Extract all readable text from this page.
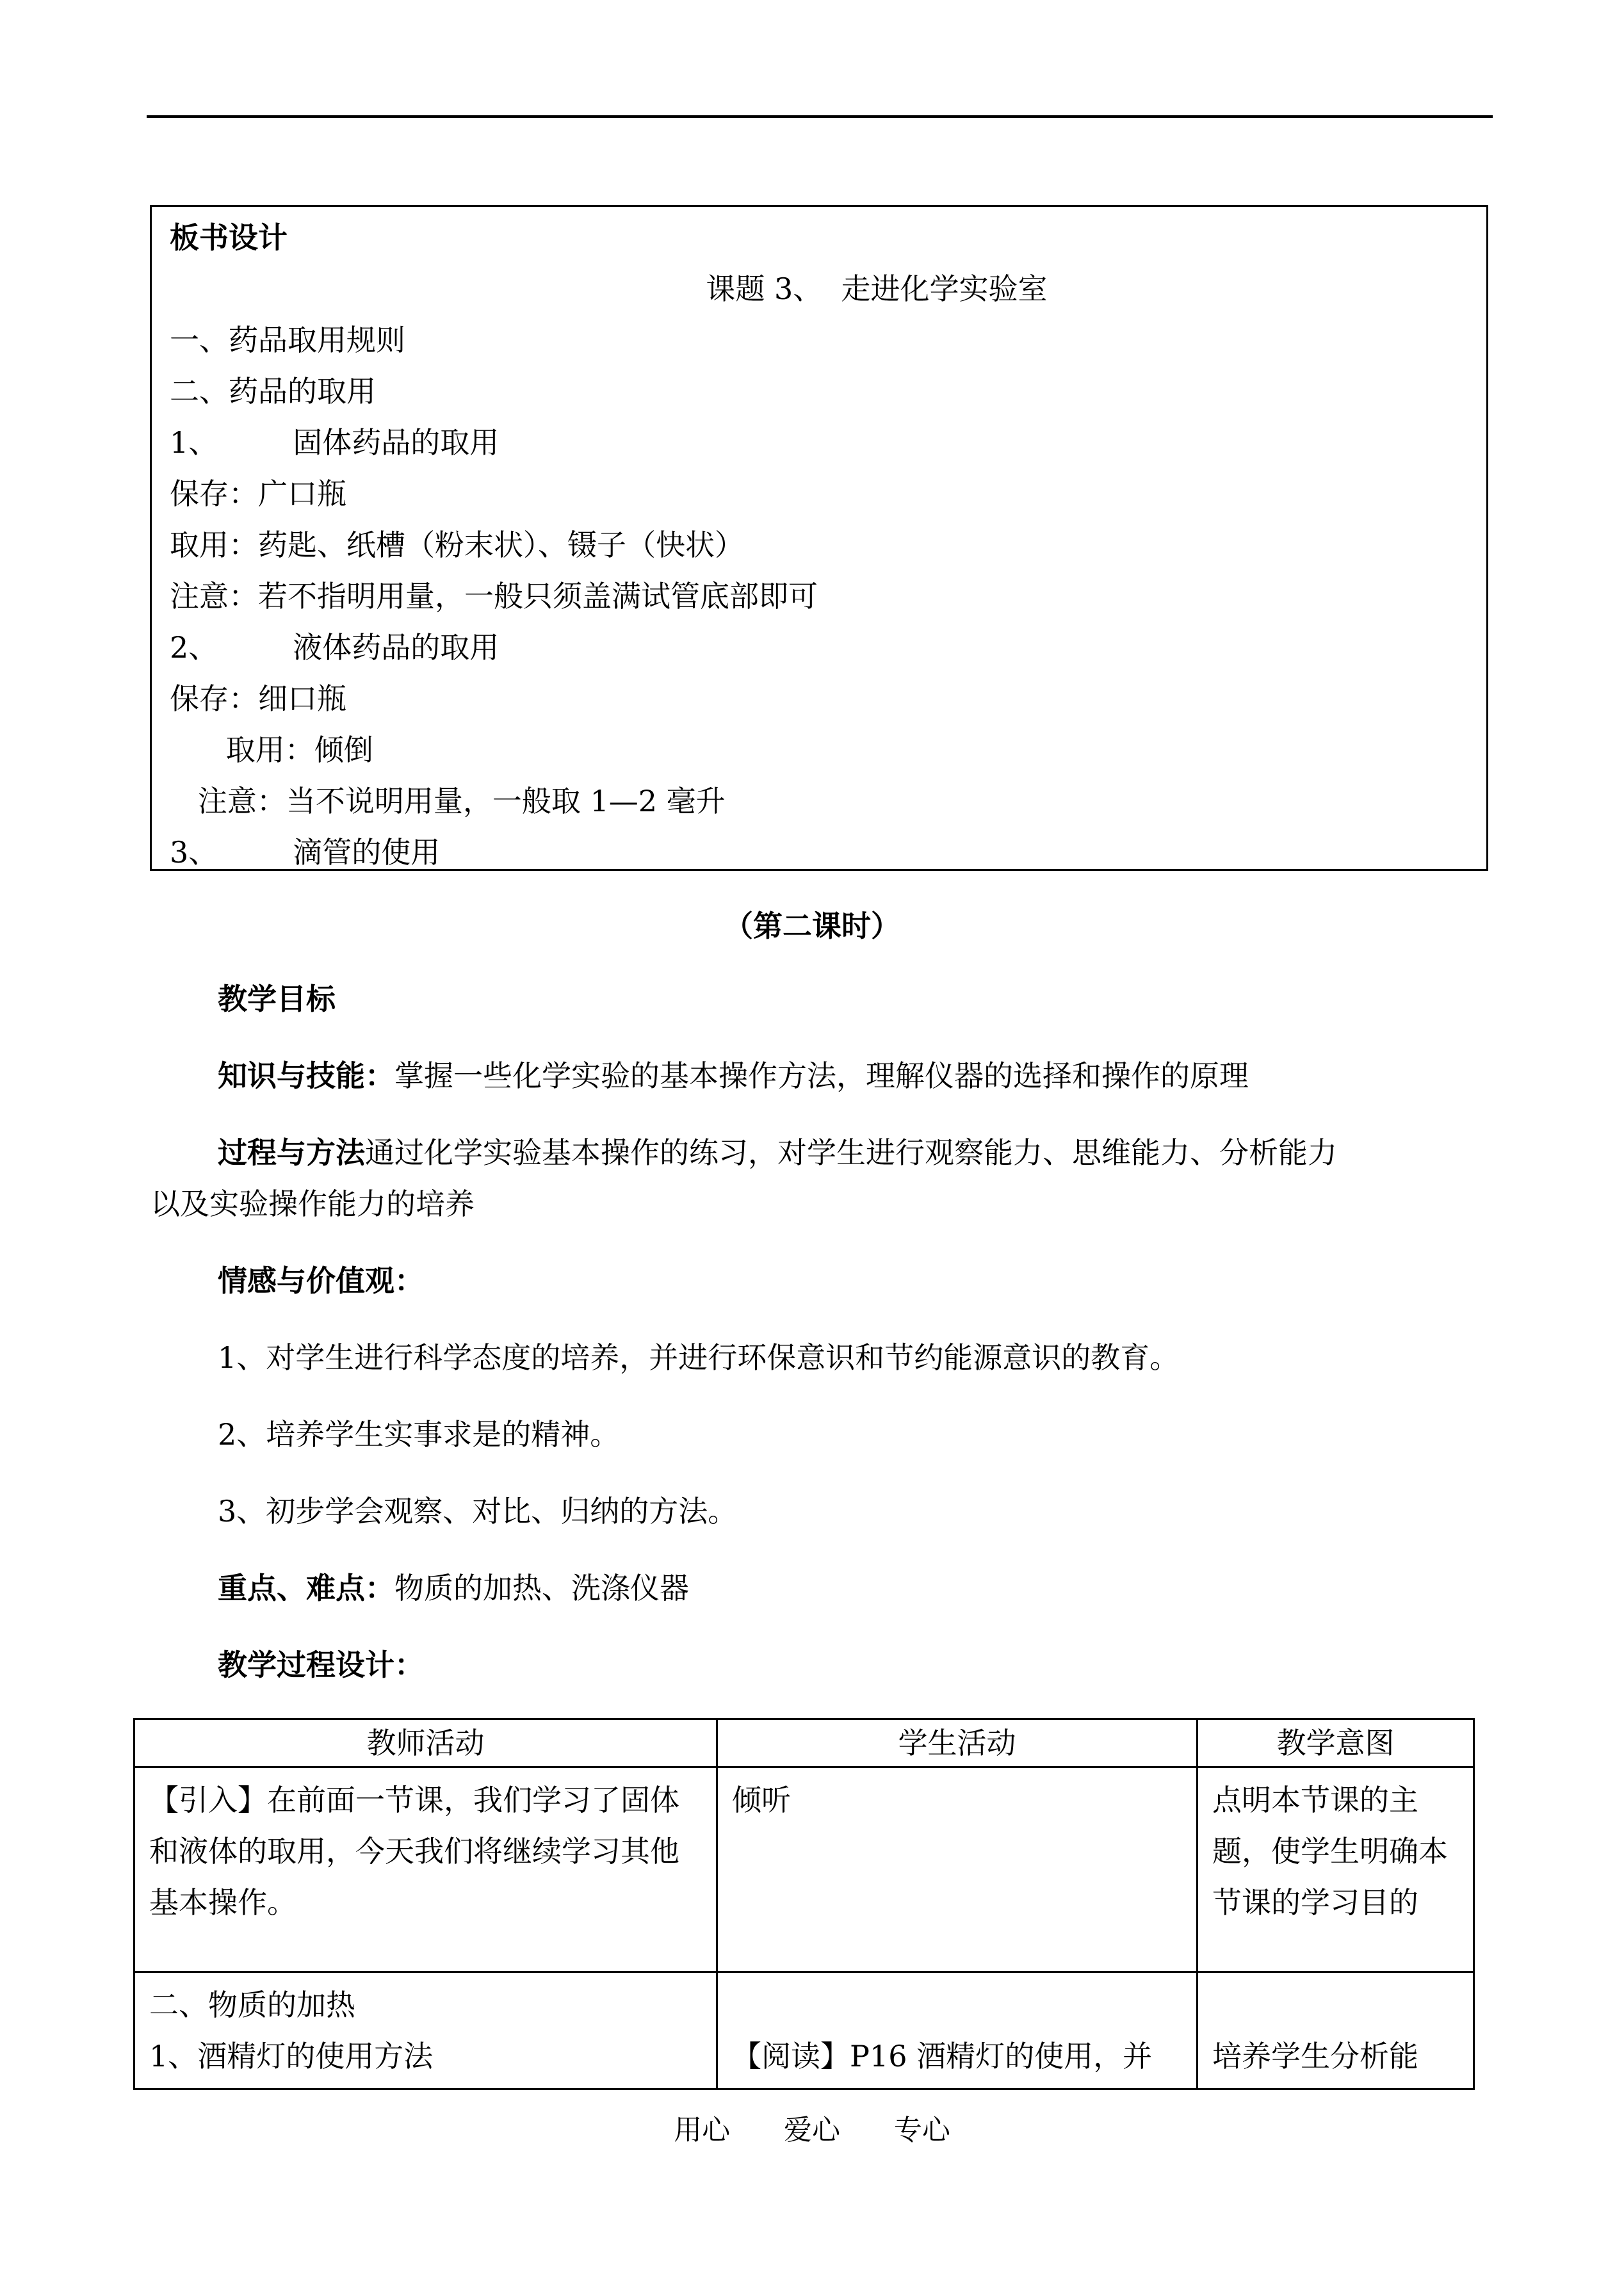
板书设计
课题 3、  走进化学实验室
一、药品取用规则
二、药品的取用
1、        固体药品的取用
保存：广口瓶
取用：药匙、纸槽（粉末状）、镊子（快状）
注意：若不指明用量，一般只须盖满试管底部即可
2、        液体药品的取用
保存：细口瓶
取用：倾倒
注意：当不说明用量，一般取 1—2 毫升
3、        滴管的使用
（第二课时）
教学目标
知识与技能：掌握一些化学实验的基本操作方法，理解仪器的选择和操作的原理
过程与方法通过化学实验基本操作的练习，对学生进行观察能力、思维能力、分析能力
以及实验操作能力的培养
情感与价值观：
1、对学生进行科学态度的培养，并进行环保意识和节约能源意识的教育。
2、培养学生实事求是的精神。
3、初步学会观察、对比、归纳的方法。
重点、难点：物质的加热、洗涤仪器
教学过程设计：
教师活动	学生活动	教学意图
【引入】在前面一节课，我们学习了固体和液体的取用，今天我们将继续学习其他基本操作。	倾听	点明本节课的主题，使学生明确本节课的学习目的

二、物质的加热
1、酒精灯的使用方法	【阅读】P16 酒精灯的使用，并	培养学生分析能
用心      爱心      专心
